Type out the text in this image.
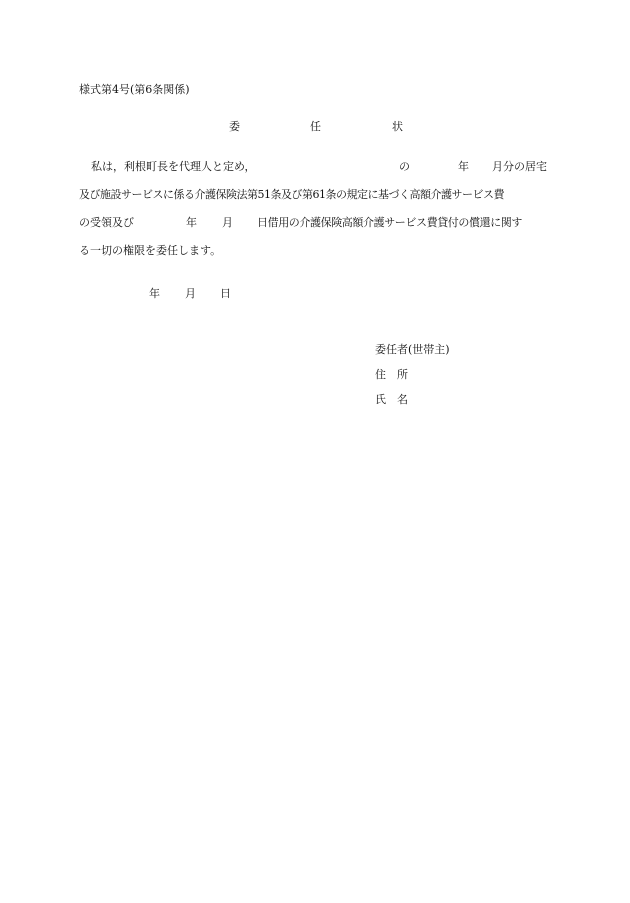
様式第4号(第6条関係)
委	任	状
私は，利根町長を代理人と定め，	の	年 月分の居宅
及び施設サービスに係る介護保険法第51条及び第61条の規定に基づく高額介護サービス費
の受領及び	年 月 日借用の介護保険高額介護サービス費貸付の償還に関す
る一切の権限を委任します。
年 月 日
委任者(世帯主)
住　所
氏　名
